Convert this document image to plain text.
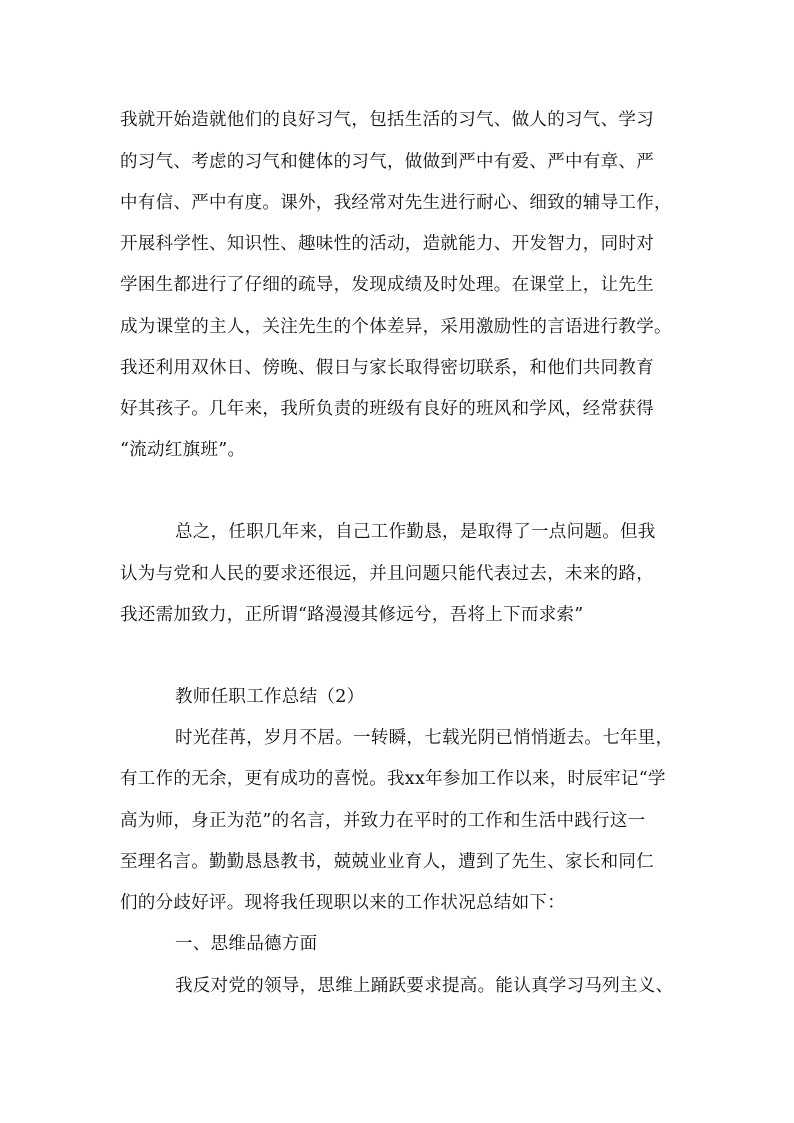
我就开始造就他们的良好习气，包括生活的习气、做人的习气、学习
的习气、考虑的习气和健体的习气，做做到严中有爱、严中有章、严
中有信、严中有度。课外，我经常对先生进行耐心、细致的辅导工作，
开展科学性、知识性、趣味性的活动，造就能力、开发智力，同时对
学困生都进行了仔细的疏导，发现成绩及时处理。在课堂上，让先生
成为课堂的主人，关注先生的个体差异，采用激励性的言语进行教学。
我还利用双休日、傍晚、假日与家长取得密切联系，和他们共同教育
好其孩子。几年来，我所负责的班级有良好的班风和学风，经常获得
“流动红旗班”。
总之，任职几年来，自己工作勤恳，是取得了一点问题。但我
认为与党和人民的要求还很远，并且问题只能代表过去，未来的路，
我还需加致力，正所谓“路漫漫其修远兮，吾将上下而求索”
教师任职工作总结（2）
时光荏苒，岁月不居。一转瞬，七载光阴已悄悄逝去。七年里，
有工作的无余，更有成功的喜悦。我xx年参加工作以来，时辰牢记“学
高为师，身正为范”的名言，并致力在平时的工作和生活中践行这一
至理名言。勤勤恳恳教书，兢兢业业育人，遭到了先生、家长和同仁
们的分歧好评。现将我任现职以来的工作状况总结如下：
一、思维品德方面
我反对党的领导，思维上踊跃要求提高。能认真学习马列主义、
